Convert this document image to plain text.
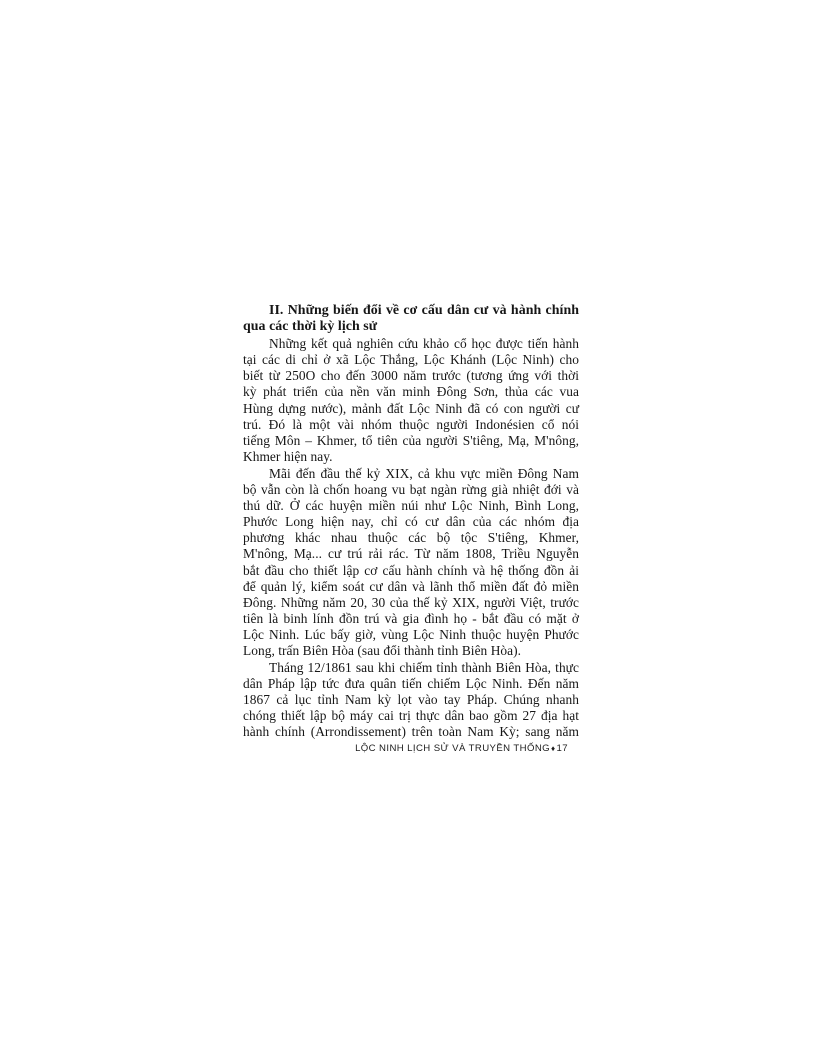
II. Những biến đổi về cơ cấu dân cư và hành chính
qua các thời kỳ lịch sử
Những kết quả nghiên cứu khảo cổ học được tiến hành
tại các di chỉ ở xã Lộc Thắng, Lộc Khánh (Lộc Ninh) cho
biết từ 250O cho đến 3000 năm trước (tương ứng với thời
kỳ phát triển của nền văn minh Đông Sơn, thủa các vua
Hùng dựng nước), mảnh đất Lộc Ninh đã có con người cư
trú. Đó là một vài nhóm thuộc người Indonésien cổ nói
tiếng Môn – Khmer, tổ tiên của người S'tiêng, Mạ, M'nông,
Khmer hiện nay.
Mãi đến đầu thế kỷ XIX, cả khu vực miền Đông Nam
bộ vẫn còn là chốn hoang vu bạt ngàn rừng già nhiệt đới và
thú dữ. Ở các huyện miền núi như Lộc Ninh, Bình Long,
Phước Long hiện nay, chỉ có cư dân của các nhóm địa
phương khác nhau thuộc các bộ tộc S'tiêng, Khmer,
M'nông, Mạ... cư trú rải rác. Từ năm 1808, Triều Nguyễn
bắt đầu cho thiết lập cơ cấu hành chính và hệ thống đồn ải
để quản lý, kiểm soát cư dân và lãnh thổ miền đất đỏ miền
Đông. Những năm 20, 30 của thế kỷ XIX, người Việt, trước
tiên là binh lính đồn trú và gia đình họ - bắt đầu có mặt ở
Lộc Ninh. Lúc bấy giờ, vùng Lộc Ninh thuộc huyện Phước
Long, trấn Biên Hòa (sau đổi thành tỉnh Biên Hòa).
Tháng 12/1861 sau khi chiếm tỉnh thành Biên Hòa, thực
dân Pháp lập tức đưa quân tiến chiếm Lộc Ninh. Đến năm
1867 cả lục tỉnh Nam kỳ lọt vào tay Pháp. Chúng nhanh
chóng thiết lập bộ máy cai trị thực dân bao gồm 27 địa hạt
hành chính (Arrondissement) trên toàn Nam Kỳ; sang năm
LỘC NINH LỊCH SỬ VÀ TRUYỀN THỐNG♦17
